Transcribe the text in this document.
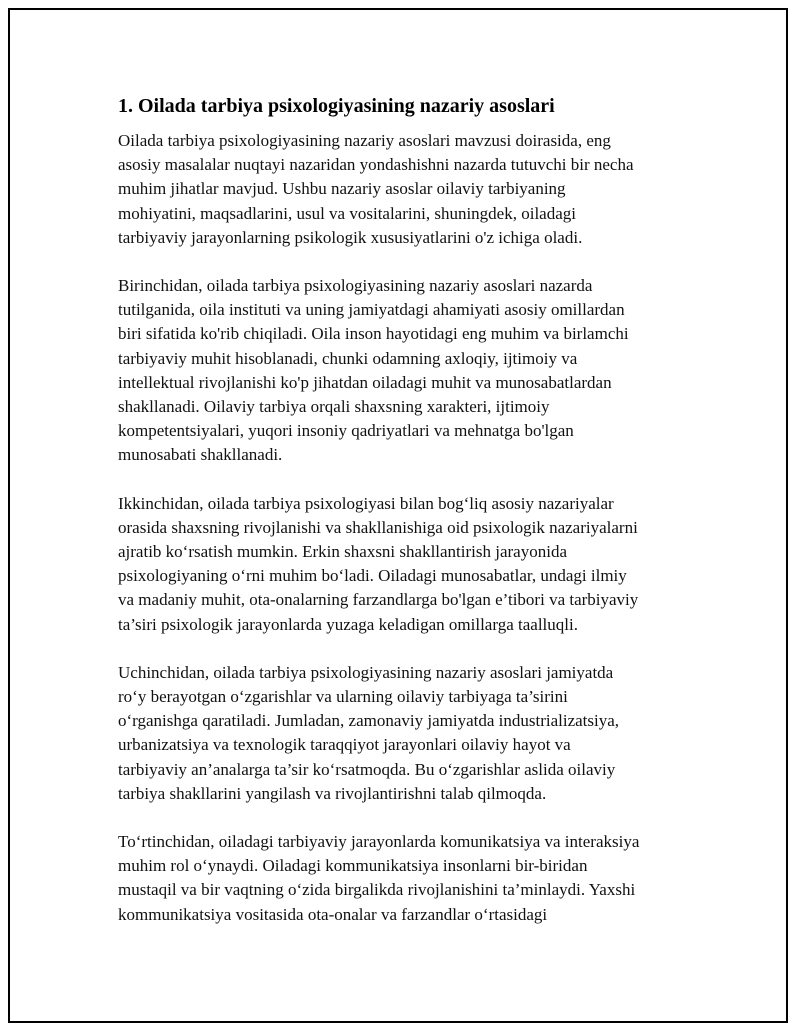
1. Oilada tarbiya psixologiyasining nazariy asoslari

Oilada tarbiya psixologiyasining nazariy asoslari mavzusi doirasida, eng
asosiy masalalar nuqtayi nazaridan yondashishni nazarda tutuvchi bir necha
muhim jihatlar mavjud. Ushbu nazariy asoslar oilaviy tarbiyaning
mohiyatini, maqsadlarini, usul va vositalarini, shuningdek, oiladagi
tarbiyaviy jarayonlarning psikologik xususiyatlarini o'z ichiga oladi.

Birinchidan, oilada tarbiya psixologiyasining nazariy asoslari nazarda
tutilganida, oila instituti va uning jamiyatdagi ahamiyati asosiy omillardan
biri sifatida ko'rib chiqiladi. Oila inson hayotidagi eng muhim va birlamchi
tarbiyaviy muhit hisoblanadi, chunki odamning axloqiy, ijtimoiy va
intellektual rivojlanishi ko'p jihatdan oiladagi muhit va munosabatlardan
shakllanadi. Oilaviy tarbiya orqali shaxsning xarakteri, ijtimoiy
kompetentsiyalari, yuqori insoniy qadriyatlari va mehnatga bo'lgan
munosabati shakllanadi.

Ikkinchidan, oilada tarbiya psixologiyasi bilan bog‘liq asosiy nazariyalar
orasida shaxsning rivojlanishi va shakllanishiga oid psixologik nazariyalarni
ajratib ko‘rsatish mumkin. Erkin shaxsni shakllantirish jarayonida
psixologiyaning o‘rni muhim bo‘ladi. Oiladagi munosabatlar, undagi ilmiy
va madaniy muhit, ota-onalarning farzandlarga bo'lgan e’tibori va tarbiyaviy
ta’siri psixologik jarayonlarda yuzaga keladigan omillarga taalluqli.

Uchinchidan, oilada tarbiya psixologiyasining nazariy asoslari jamiyatda
ro‘y berayotgan o‘zgarishlar va ularning oilaviy tarbiyaga ta’sirini
o‘rganishga qaratiladi. Jumladan, zamonaviy jamiyatda industrializatsiya,
urbanizatsiya va texnologik taraqqiyot jarayonlari oilaviy hayot va
tarbiyaviy an’analarga ta’sir ko‘rsatmoqda. Bu o‘zgarishlar aslida oilaviy
tarbiya shakllarini yangilash va rivojlantirishni talab qilmoqda.

To‘rtinchidan, oiladagi tarbiyaviy jarayonlarda komunikatsiya va interaksiya
muhim rol o‘ynaydi. Oiladagi kommunikatsiya insonlarni bir-biridan
mustaqil va bir vaqtning o‘zida birgalikda rivojlanishini ta’minlaydi. Yaxshi
kommunikatsiya vositasida ota-onalar va farzandlar o‘rtasidagi
